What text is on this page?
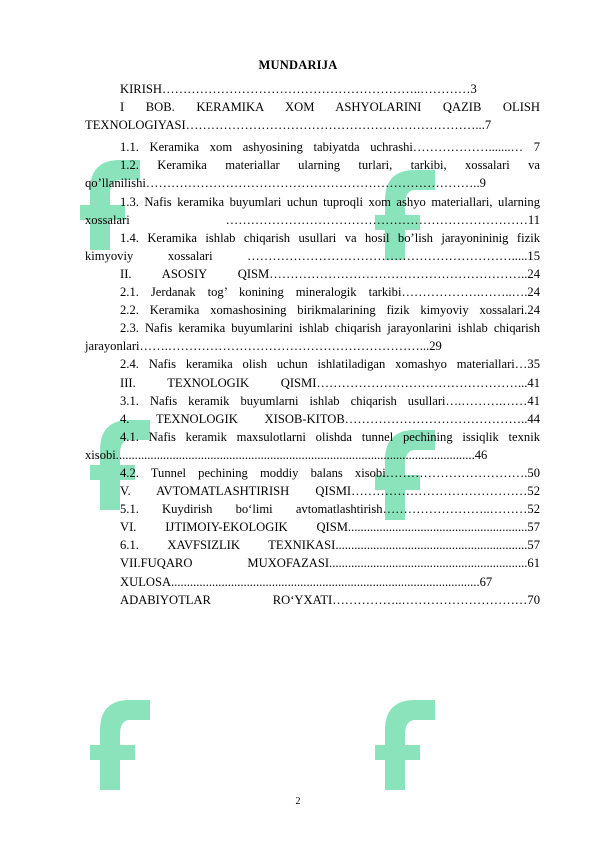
MUNDARIJA
KIRISH……………………………………………………..…………3
I BOB. KERAMIKA XOM ASHYOLARINI QAZIB OLISH TEXNOLOGIYASI……………………………………………………………...7
1.1. Keramika xom ashyosining tabiyatda uchrashi……………….......… 7
1.2. Keramika materiallar ularning turlari, tarkibi, xossalari va qo’llanilishi……………………………………………………………………..9
1.3. Nafis keramika buyumlari uchun tuproqli xom ashyo materiallari, ularning xossalari ………………………………………………………………11
1.4. Keramika ishlab chiqarish usullari va hosil bo’lish jarayonininig fizik kimyoviy xossalari ……………………………………………………….....15
II. ASOSIY QISM……………………………………………………..24
2.1. Jerdanak tog’ konining mineralogik tarkibi……………….……..….24
2.2. Keramika xomashosining birikmalarining fizik kimyoviy xossalari.24
2.3. Nafis keramika buyumlarini ishlab chiqarish jarayonlarini ishlab chiqarish jarayonlari…….……………………………………………………...29
2.4. Nafis keramika olish uchun ishlatiladigan xomashyo materiallari…35
III. TEXNOLOGIK QISMI…………………………………………...41
3.1. Nafis keramik buyumlarni ishlab chiqarish usullari….……….……41
4. TEXNOLOGIK XISOB-KITOB……………………………………..44
4.1. Nafis keramik maxsulotlarni olishda tunnel pechining issiqlik texnik xisobi..................................................................................................................46
4.2. Tunnel pechining moddiy balans xisobi…………………………….50
V. AVTOMATLASHTIRISH QISMI……………………………………52
5.1. Kuydirish bo‘limi avtomatlashtirish……………………..………52
VI. IJTIMOIY-EKOLOGIK QISM.........................................................57
6.1. XAVFSIZLIK TEXNIKASI.............................................................57
VII.FUQARO MUXOFAZASI...............................................................61
XULOSA..................................................................................................67
ADABIYOTLAR RO‘YXATI……………..…………………………70
2
